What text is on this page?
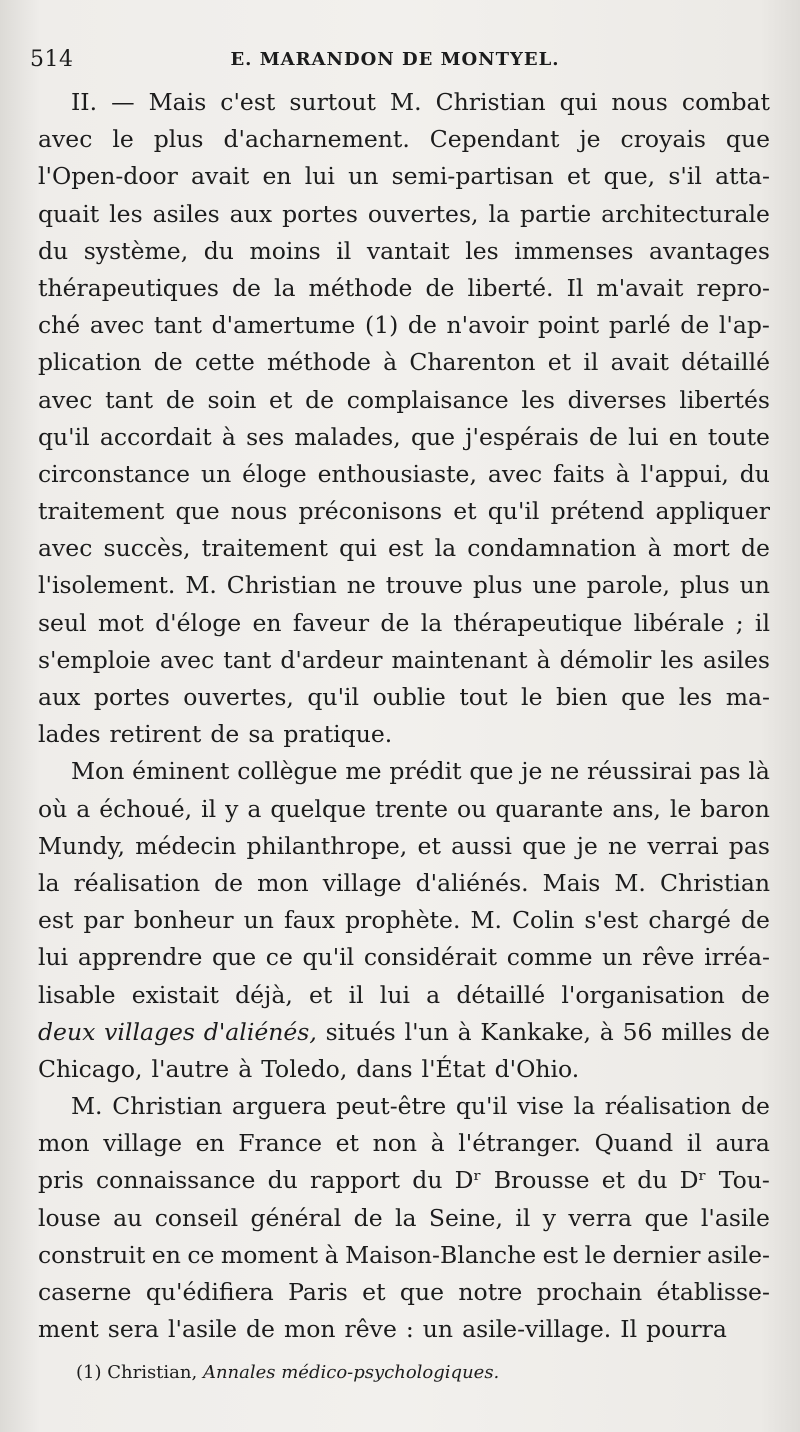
514	E. MARANDON DE MONTYEL.
II. — Mais c'est surtout M. Christian qui nous combat
avec le plus d'acharnement. Cependant je croyais que
l'Open-door avait en lui un semi-partisan et que, s'il atta-
quait les asiles aux portes ouvertes, la partie architecturale
du système, du moins il vantait les immenses avantages
thérapeutiques de la méthode de liberté. Il m'avait repro-
ché avec tant d'amertume (1) de n'avoir point parlé de l'ap-
plication de cette méthode à Charenton et il avait détaillé
avec tant de soin et de complaisance les diverses libertés
qu'il accordait à ses malades, que j'espérais de lui en toute
circonstance un éloge enthousiaste, avec faits à l'appui, du
traitement que nous préconisons et qu'il prétend appliquer
avec succès, traitement qui est la condamnation à mort de
l'isolement. M. Christian ne trouve plus une parole, plus un
seul mot d'éloge en faveur de la thérapeutique libérale ; il
s'emploie avec tant d'ardeur maintenant à démolir les asiles
aux portes ouvertes, qu'il oublie tout le bien que les ma-
lades retirent de sa pratique.
Mon éminent collègue me prédit que je ne réussirai pas là
où a échoué, il y a quelque trente ou quarante ans, le baron
Mundy, médecin philanthrope, et aussi que je ne verrai pas
la réalisation de mon village d'aliénés. Mais M. Christian
est par bonheur un faux prophète. M. Colin s'est chargé de
lui apprendre que ce qu'il considérait comme un rêve irréa-
lisable existait déjà, et il lui a détaillé l'organisation de
deux villages d'aliénés, situés l'un à Kankake, à 56 milles de
Chicago, l'autre à Toledo, dans l'État d'Ohio.
M. Christian arguera peut-être qu'il vise la réalisation de
mon village en France et non à l'étranger. Quand il aura
pris connaissance du rapport du Dʳ Brousse et du Dʳ Tou-
louse au conseil général de la Seine, il y verra que l'asile
construit en ce moment à Maison-Blanche est le dernier asile-
caserne qu'édifiera Paris et que notre prochain établisse-
ment sera l'asile de mon rêve : un asile-village. Il pourra
(1) Christian, Annales médico-psychologiques.
